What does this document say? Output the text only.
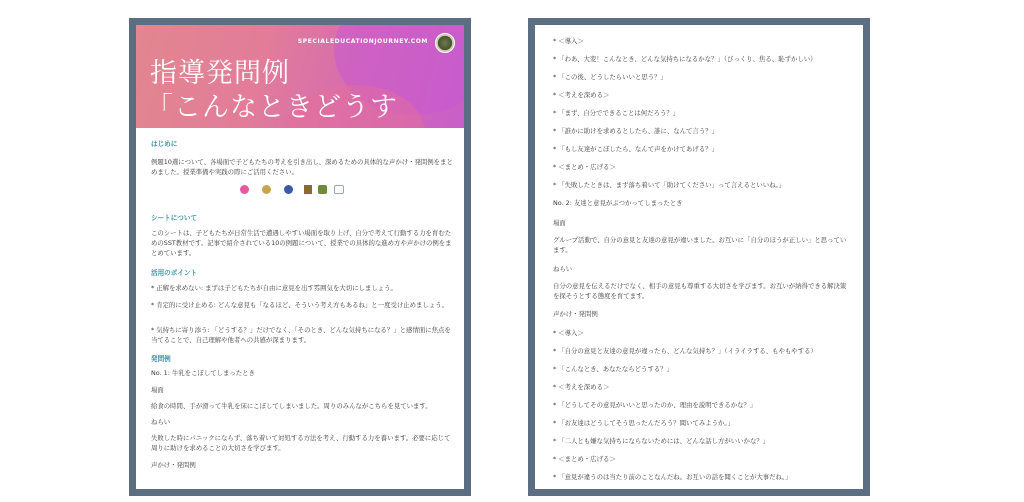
SPECIALEDUCATIONJOURNEY.COM
指導発問例
「こんなときどうす
はじめに

例題10選について、各場面で子どもたちの考えを引き出し、深めるための具体的な声かけ・発問例をまとめました。授業準備や実践の際にご活用ください。

シートについて

このシートは、子どもたちが日常生活で遭遇しやすい場面を取り上げ、自分で考えて行動する力を育むためのSST教材です。記事で紹介されている10の例題について、授業での具体的な進め方や声かけの例をまとめています。

活用のポイント

* 正解を求めない: まずは子どもたちが自由に意見を出す雰囲気を大切にしましょう。

* 肯定的に受け止める: どんな意見も「なるほど、そういう考え方もあるね」と一度受け止めましょう。

* 気持ちに寄り添う: 「どうする？」だけでなく、「そのとき、どんな気持ちになる？」と感情面に焦点を当てることで、自己理解や他者への共感が深まります。

発問例

No. 1: 牛乳をこぼしてしまったとき

場面

給食の時間、手が滑って牛乳を床にこぼしてしまいました。周りのみんながこちらを見ています。

ねらい

失敗した時にパニックにならず、落ち着いて対処する方法を考え、行動する力を養います。必要に応じて周りに助けを求めることの大切さを学びます。

声かけ・発問例

* ＜導入＞
* 「わあ、大変！こんなとき、どんな気持ちになるかな？」（びっくり、焦る、恥ずかしい）
* 「この後、どうしたらいいと思う？」
* ＜考えを深める＞
* 「まず、自分でできることは何だろう？」
* 「誰かに助けを求めるとしたら、誰に、なんて言う？」
* 「もし友達がこぼしたら、なんて声をかけてあげる？」
* ＜まとめ・広げる＞
* 「失敗したときは、まず落ち着いて「助けてください」って言えるといいね。」
No. 2: 友達と意見がぶつかってしまったとき
場面
グループ活動で、自分の意見と友達の意見が違いました。お互いに「自分のほうが正しい」と思っています。
ねらい
自分の意見を伝えるだけでなく、相手の意見も尊重する大切さを学びます。お互いが納得できる解決策を探そうとする態度を育てます。
声かけ・発問例
* ＜導入＞
* 「自分の意見と友達の意見が違ったら、どんな気持ち？」（イライラする、もやもやする）
* 「こんなとき、あなたならどうする？」
* ＜考えを深める＞
* 「どうしてその意見がいいと思ったのか、理由を説明できるかな？」
* 「お友達はどうしてそう思ったんだろう？聞いてみようか。」
* 「二人とも嫌な気持ちにならないためには、どんな話し方がいいかな？」
* ＜まとめ・広げる＞
* 「意見が違うのは当たり前のことなんだね。お互いの話を聞くことが大事だね。」
No. 3: 課題がわからなかったとき
